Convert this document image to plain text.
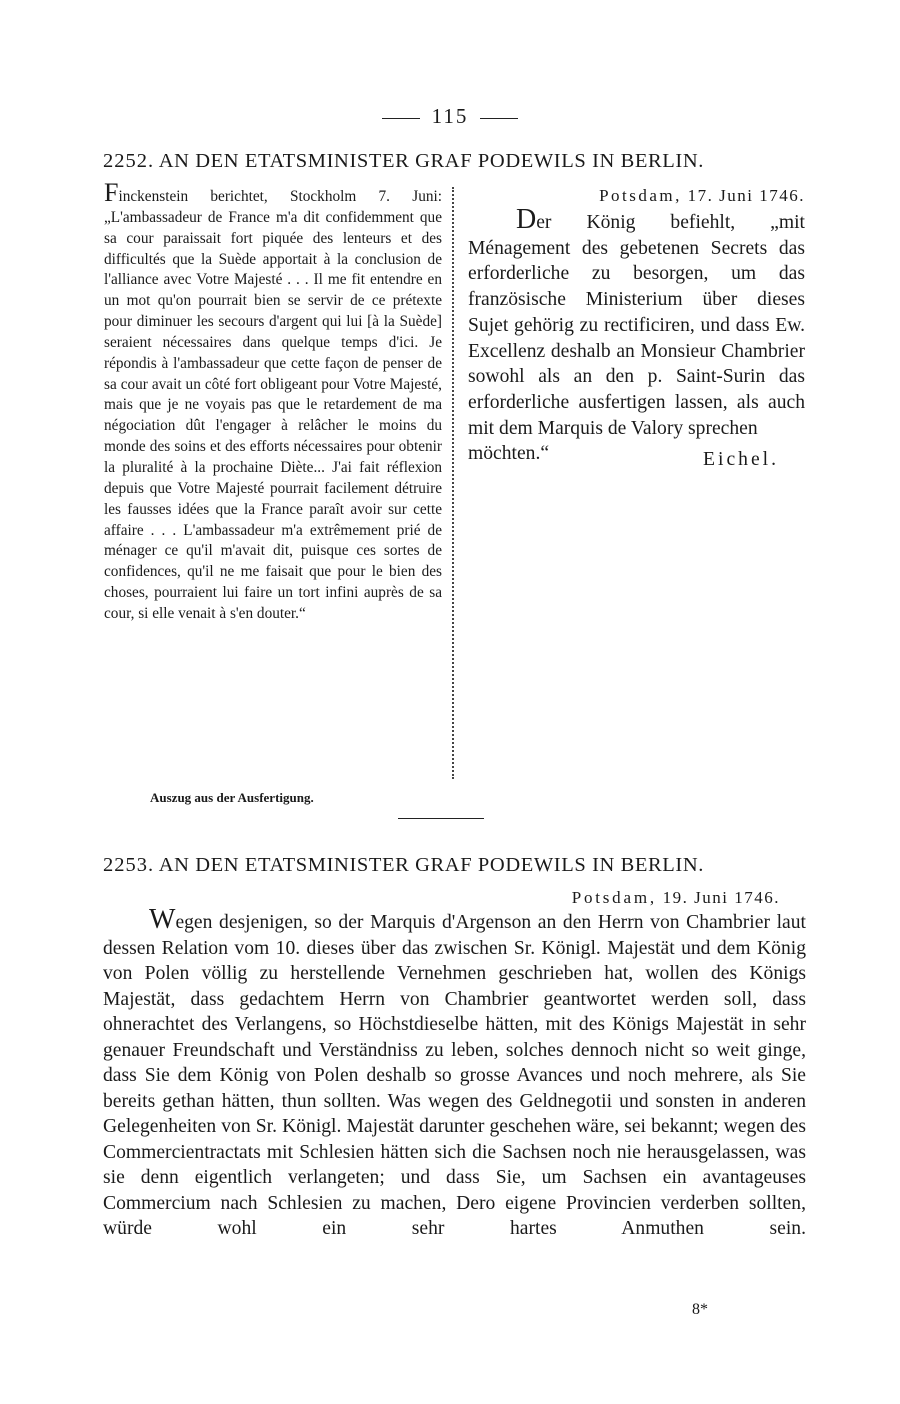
115
2252. AN DEN ETATSMINISTER GRAF PODEWILS IN BERLIN.

Finckenstein berichtet, Stockholm 7. Juni: „L'ambassadeur de France m'a dit confidemment que sa cour paraissait fort piquée des lenteurs et des difficultés que la Suède apportait à la conclusion de l'alliance avec Votre Majesté . . . Il me fit entendre en un mot qu'on pourrait bien se servir de ce prétexte pour diminuer les secours d'argent qui lui [à la Suède] seraient nécessaires dans quelque temps d'ici. Je répondis à l'ambassadeur que cette façon de penser de sa cour avait un côté fort obligeant pour Votre Majesté, mais que je ne voyais pas que le retardement de ma négociation dût l'engager à relâcher le moins du monde des soins et des efforts nécessaires pour obtenir la pluralité à la prochaine Diète... J'ai fait réflexion depuis que Votre Majesté pourrait facilement détruire les fausses idées que la France paraît avoir sur cette affaire . . . L'ambassadeur m'a extrêmement prié de ménager ce qu'il m'avait dit, puisque ces sortes de confidences, qu'il ne me faisait que pour le bien des choses, pourraient lui faire un tort infini auprès de sa cour, si elle venait à s'en douter.“

Potsdam, 17. Juni 1746.

Der König befiehlt, „mit Ménagement des gebetenen Secrets das erforderliche zu besorgen, um das französische Ministerium über dieses Sujet gehörig zu rectificiren, und dass Ew. Excellenz deshalb an Monsieur Chambrier sowohl als an den p. Saint-Surin das erforderliche ausfertigen lassen, als auch mit dem Marquis de Valory sprechen

möchten.“	Eichel.
Auszug aus der Ausfertigung.
2253. AN DEN ETATSMINISTER GRAF PODEWILS IN BERLIN.
Potsdam, 19. Juni 1746.

Wegen desjenigen, so der Marquis d'Argenson an den Herrn von Chambrier laut dessen Relation vom 10. dieses über das zwischen Sr. Königl. Majestät und dem König von Polen völlig zu herstellende Vernehmen geschrieben hat, wollen des Königs Majestät, dass gedachtem Herrn von Chambrier geantwortet werden soll, dass ohnerachtet des Verlangens, so Höchstdieselbe hätten, mit des Königs Majestät in sehr genauer Freundschaft und Verständniss zu leben, solches dennoch nicht so weit ginge, dass Sie dem König von Polen deshalb so grosse Avances und noch mehrere, als Sie bereits gethan hätten, thun sollten. Was wegen des Geldnegotii und sonsten in anderen Gelegenheiten von Sr. Königl. Majestät darunter geschehen wäre, sei bekannt; wegen des Commercientractats mit Schlesien hätten sich die Sachsen noch nie herausgelassen, was sie denn eigentlich verlangeten; und dass Sie, um Sachsen ein avantageuses Commercium nach Schlesien zu machen, Dero eigene Provincien verderben sollten, würde wohl ein sehr hartes Anmuthen sein.

8*
